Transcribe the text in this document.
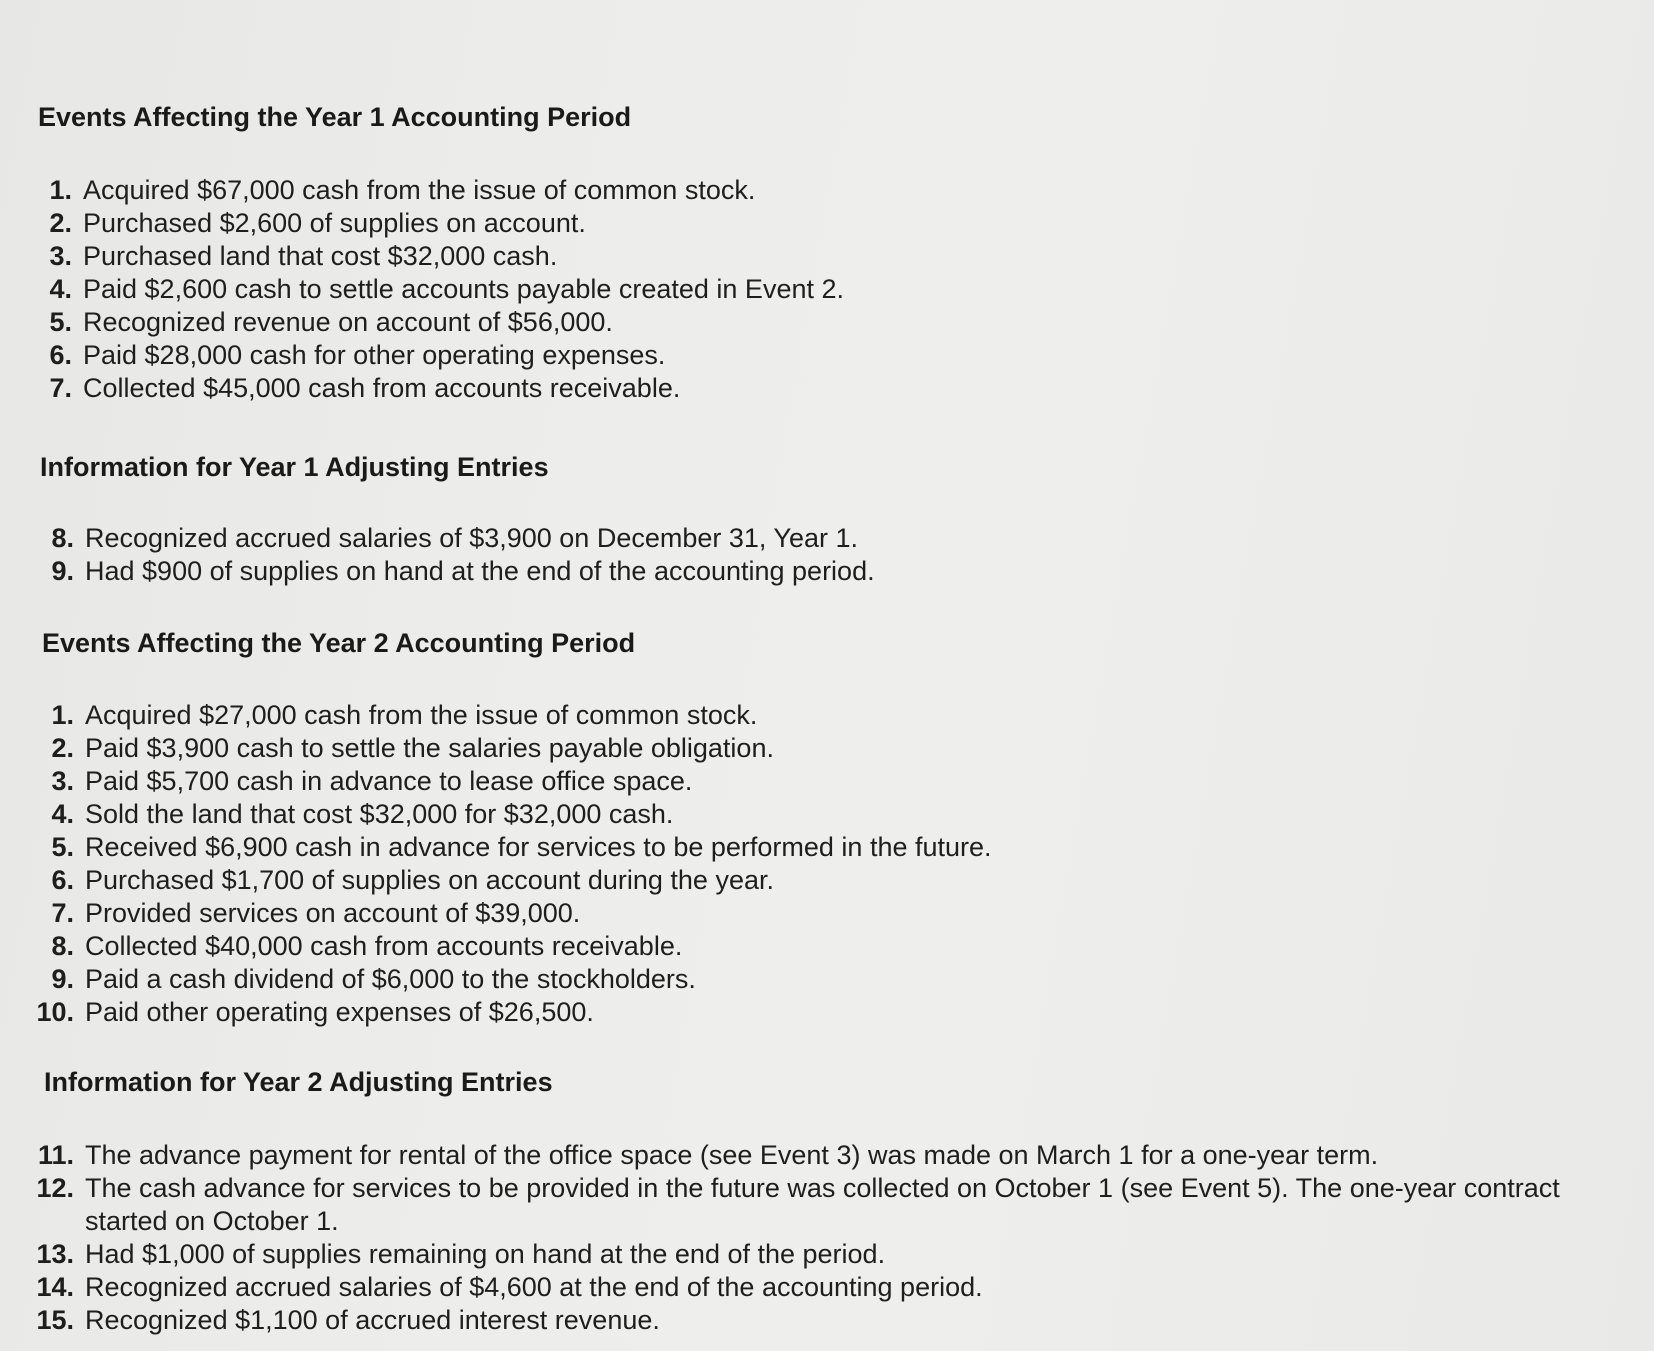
Events Affecting the Year 1 Accounting Period
1. Acquired $67,000 cash from the issue of common stock.
2. Purchased $2,600 of supplies on account.
3. Purchased land that cost $32,000 cash.
4. Paid $2,600 cash to settle accounts payable created in Event 2.
5. Recognized revenue on account of $56,000.
6. Paid $28,000 cash for other operating expenses.
7. Collected $45,000 cash from accounts receivable.
Information for Year 1 Adjusting Entries
8. Recognized accrued salaries of $3,900 on December 31, Year 1.
9. Had $900 of supplies on hand at the end of the accounting period.
Events Affecting the Year 2 Accounting Period
1. Acquired $27,000 cash from the issue of common stock.
2. Paid $3,900 cash to settle the salaries payable obligation.
3. Paid $5,700 cash in advance to lease office space.
4. Sold the land that cost $32,000 for $32,000 cash.
5. Received $6,900 cash in advance for services to be performed in the future.
6. Purchased $1,700 of supplies on account during the year.
7. Provided services on account of $39,000.
8. Collected $40,000 cash from accounts receivable.
9. Paid a cash dividend of $6,000 to the stockholders.
10. Paid other operating expenses of $26,500.
Information for Year 2 Adjusting Entries
11. The advance payment for rental of the office space (see Event 3) was made on March 1 for a one-year term.
12. The cash advance for services to be provided in the future was collected on October 1 (see Event 5). The one-year contract started on October 1.
13. Had $1,000 of supplies remaining on hand at the end of the period.
14. Recognized accrued salaries of $4,600 at the end of the accounting period.
15. Recognized $1,100 of accrued interest revenue.
